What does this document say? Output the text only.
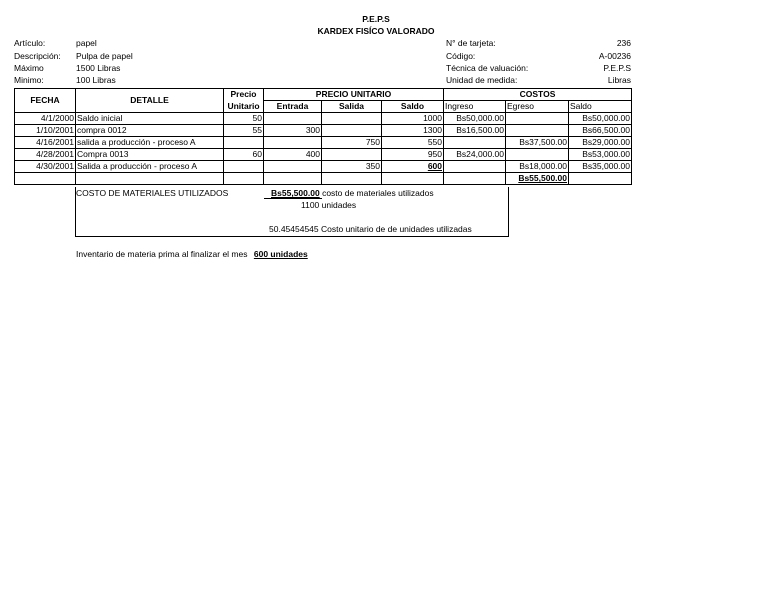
P.E.P.S
KARDEX FISÍCO VALORADO
Artículo:	papel
Descripción: Pulpa de papel
Máximo	1500 Libras
Minimo:	100 Libras
N° de tarjeta:	236
Código:	A-00236
Técnica de valuación:	P.E.P.S
Unidad de medida:	Libras
FECHA	DETALLE	Precio	PRECIO UNITARIO			COSTOS		
		Unitario	Entrada	Salida	Saldo	Ingreso	Egreso	Saldo
4/1/2000	Saldo inicial	50			1000	Bs50,000.00		Bs50,000.00
1/10/2001	compra 0012	55	300		1300	Bs16,500.00		Bs66,500.00
4/16/2001	salida a producción - proceso A			750	550		Bs37,500.00	Bs29,000.00
4/28/2001	Compra 0013	60	400		950	Bs24,000.00		Bs53,000.00
4/30/2001	Salida a producción - proceso A			350	600		Bs18,000.00	Bs35,000.00
							Bs55,500.00	
COSTO DE MATERIALES UTILIZADOS	Bs55,500.00 costo de materiales utilizados
1100 unidades
50.45454545 Costo unitario de de unidades utilizadas
Inventario de materia prima al finalizar el mes 600 unidades
